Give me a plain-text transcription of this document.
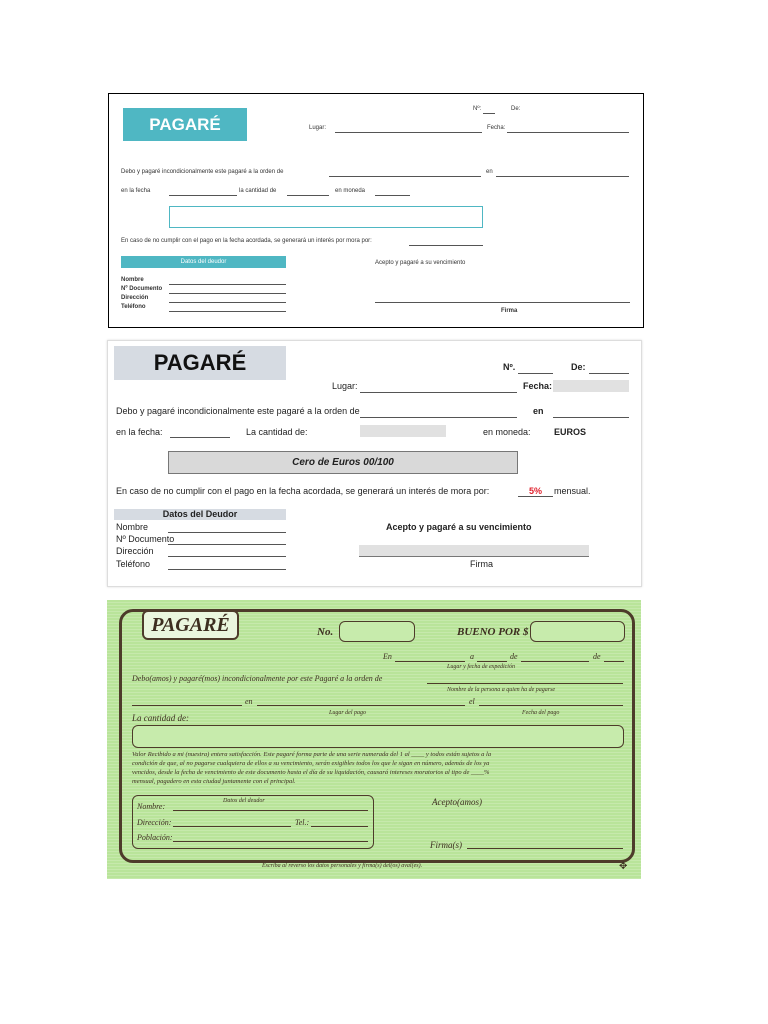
PAGARÉ
Nº:	De:
Lugar:	Fecha:
Debo y pagaré incondicionalmente este pagaré a la orden de	en
en la fecha	la cantidad de	en moneda
En caso de no cumplir con el pago en la fecha acordada, se generará un interés por mora por:
Datos del deudor
Nombre
Nº Documento
Dirección
Teléfono
Acepto y pagaré a su vencimiento
Firma
PAGARÉ	Nº.	De:
Lugar:	Fecha:
Debo y pagaré incondicionalmente este pagaré a la orden de	en
en la fecha:	La cantidad de:	en moneda:	EUROS
Cero de Euros 00/100
En caso de no cumplir con el pago en la fecha acordada, se generará un interés de mora por:	5% mensual.
Datos del Deudor
Nombre
Nº Documento
Dirección
Teléfono
Acepto y pagaré a su vencimiento
Firma
PAGARÉ	No.	BUENO POR $
En	a	de	de
Lugar y fecha de expedición
Debo(amos) y pagaré(mos) incondicionalmente por este Pagaré a la orden de
Nombre de la persona a quien ha de pagarse
en	el
Lugar del pago	Fecha del pago
La cantidad de:
Valor Recibido a mi (nuestra) entera satisfacción. Este pagaré forma parte de una serie numerada del 1 al ____ y todos están sujetos a la
condición de que, al no pagarse cualquiera de ellos a su vencimiento, serán exigibles todos los que le sigan en número, además de los ya
vencidos, desde la fecha de vencimiento de este documento hasta el día de su liquidación, causará intereses moratorios al tipo de ____%
mensual, pagadero en esta ciudad juntamente con el principal.
Datos del deudor
Nombre:
Dirección:	Tel.:
Población:
Acepto(amos)
Firma(s)
Escriba al reverso los datos personales y firma(s) del(os) aval(es).	✥
